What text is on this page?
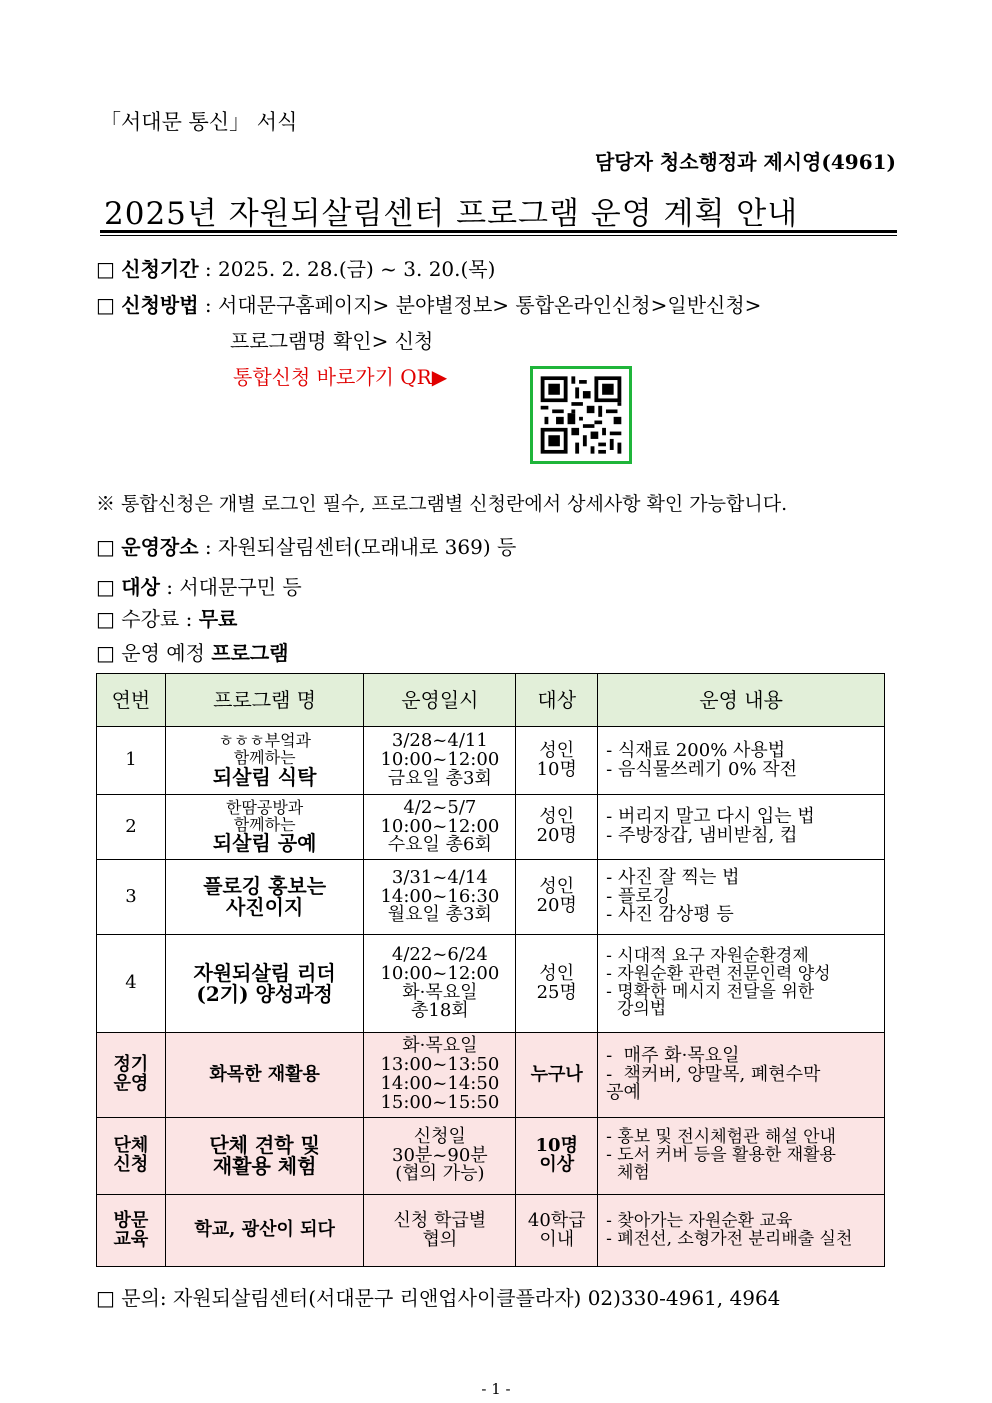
「서대문 통신」 서식
담당자 청소행정과 제시영(4961)
2025년 자원되살림센터 프로그램 운영 계획 안내
□ 신청기간 : 2025. 2. 28.(금) ~ 3. 20.(목)
□ 신청방법 : 서대문구홈페이지> 분야별정보> 통합온라인신청>일반신청>
프로그램명 확인> 신청
통합신청 바로가기 QR▶
※ 통합신청은 개별 로그인 필수, 프로그램별 신청란에서 상세사항 확인 가능합니다.
□ 운영장소 : 자원되살림센터(모래내로 369) 등
□ 대상 : 서대문구민 등
□ 수강료 : 무료
□ 운영 예정 프로그램
연번	프로그램 명	운영일시	대상	운영 내용
1	ㅎㅎㅎ부엌과
함께하는
되살림 식탁	3/28~4/11
10:00~12:00
금요일 총3회	성인
10명	- 식재료 200% 사용법
- 음식물쓰레기 0% 작전

2	한땀공방과
함께하는
되살림 공예	4/2~5/7
10:00~12:00
수요일 총6회	성인
20명	- 버리지 말고 다시 입는 법
- 주방장갑, 냄비받침, 컵

3	플로깅 홍보는
사진이지	3/31~4/14
14:00~16:30
월요일 총3회	성인
20명	- 사진 잘 찍는 법
- 플로깅
- 사진 감상평 등

4	자원되살림 리더
(2기) 양성과정	4/22~6/24
10:00~12:00
화·목요일
총18회	성인
25명	- 시대적 요구 자원순환경제
- 자원순환 관련 전문인력 양성
- 명확한 메시지 전달을 위한
강의법

정기
운영	화목한 재활용	화·목요일
13:00~13:50
14:00~14:50
15:00~15:50	누구나	-  매주 화·목요일
-  책커버, 양말목, 폐현수막
공예

단체
신청	단체 견학 및
재활용 체험	신청일
30분~90분
(협의 가능)	10명
이상	- 홍보 및 전시체험관 해설 안내
- 도서 커버 등을 활용한 재활용
체험

방문
교육	학교, 광산이 되다	신청 학급별
협의	40학급
이내	- 찾아가는 자원순환 교육
- 폐전선, 소형가전 분리배출 실천
□ 문의: 자원되살림센터(서대문구 리앤업사이클플라자) 02)330-4961, 4964
- 1 -
